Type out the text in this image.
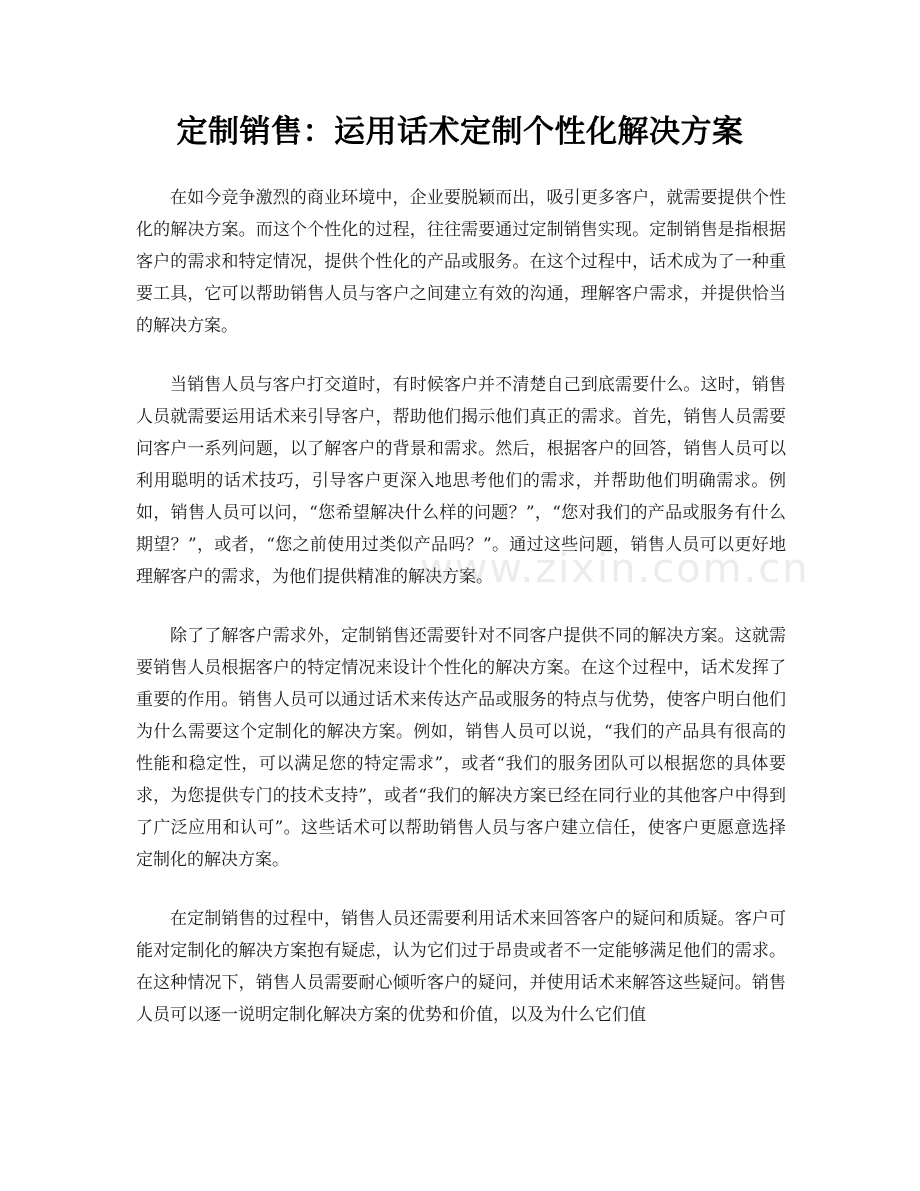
定制销售：运用话术定制个性化解决方案

在如今竞争激烈的商业环境中，企业要脱颖而出，吸引更多客户，就需要提供个性化的解决方案。而这个个性化的过程，往往需要通过定制销售实现。定制销售是指根据客户的需求和特定情况，提供个性化的产品或服务。在这个过程中，话术成为了一种重要工具，它可以帮助销售人员与客户之间建立有效的沟通，理解客户需求，并提供恰当的解决方案。

当销售人员与客户打交道时，有时候客户并不清楚自己到底需要什么。这时，销售人员就需要运用话术来引导客户，帮助他们揭示他们真正的需求。首先，销售人员需要问客户一系列问题，以了解客户的背景和需求。然后，根据客户的回答，销售人员可以利用聪明的话术技巧，引导客户更深入地思考他们的需求，并帮助他们明确需求。例如，销售人员可以问，“您希望解决什么样的问题？”，“您对我们的产品或服务有什么期望？”，或者，“您之前使用过类似产品吗？”。通过这些问题，销售人员可以更好地理解客户的需求，为他们提供精准的解决方案。

除了了解客户需求外，定制销售还需要针对不同客户提供不同的解决方案。这就需要销售人员根据客户的特定情况来设计个性化的解决方案。在这个过程中，话术发挥了重要的作用。销售人员可以通过话术来传达产品或服务的特点与优势，使客户明白他们为什么需要这个定制化的解决方案。例如，销售人员可以说，“我们的产品具有很高的性能和稳定性，可以满足您的特定需求”，或者“我们的服务团队可以根据您的具体要求，为您提供专门的技术支持”，或者“我们的解决方案已经在同行业的其他客户中得到了广泛应用和认可”。这些话术可以帮助销售人员与客户建立信任，使客户更愿意选择定制化的解决方案。

在定制销售的过程中，销售人员还需要利用话术来回答客户的疑问和质疑。客户可能对定制化的解决方案抱有疑虑，认为它们过于昂贵或者不一定能够满足他们的需求。在这种情况下，销售人员需要耐心倾听客户的疑问，并使用话术来解答这些疑问。销售人员可以逐一说明定制化解决方案的优势和价值，以及为什么它们值

www.zixin.com.cn
